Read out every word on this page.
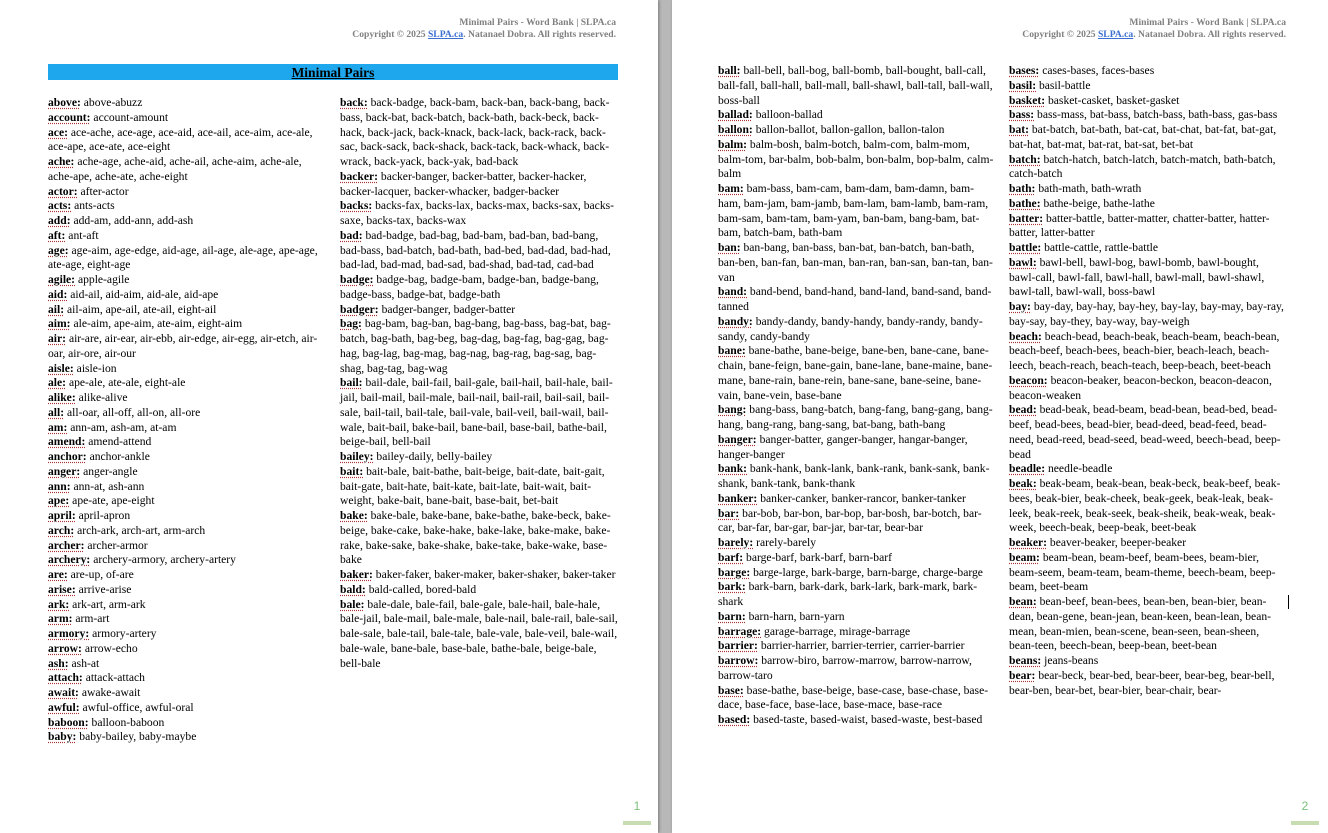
Minimal Pairs - Word Bank | SLPA.ca
Copyright © 2025 SLPA.ca. Natanael Dobra. All rights reserved.
Minimal Pairs
above: above-abuzz
account: account-amount
ace: ace-ache, ace-age, ace-aid, ace-ail, ace-aim, ace-ale, ace-ape, ace-ate, ace-eight
ache: ache-age, ache-aid, ache-ail, ache-aim, ache-ale, ache-ape, ache-ate, ache-eight
actor: after-actor
acts: ants-acts
add: add-am, add-ann, add-ash
aft: ant-aft
age: age-aim, age-edge, aid-age, ail-age, ale-age, ape-age, ate-age, eight-age
agile: apple-agile
aid: aid-ail, aid-aim, aid-ale, aid-ape
ail: ail-aim, ape-ail, ate-ail, eight-ail
aim: ale-aim, ape-aim, ate-aim, eight-aim
air: air-are, air-ear, air-ebb, air-edge, air-egg, air-etch, air-oar, air-ore, air-our
aisle: aisle-ion
ale: ape-ale, ate-ale, eight-ale
alike: alike-alive
all: all-oar, all-off, all-on, all-ore
am: ann-am, ash-am, at-am
amend: amend-attend
anchor: anchor-ankle
anger: anger-angle
ann: ann-at, ash-ann
ape: ape-ate, ape-eight
april: april-apron
arch: arch-ark, arch-art, arm-arch
archer: archer-armor
archery: archery-armory, archery-artery
are: are-up, of-are
arise: arrive-arise
ark: ark-art, arm-ark
arm: arm-art
armory: armory-artery
arrow: arrow-echo
ash: ash-at
attach: attack-attach
await: awake-await
awful: awful-office, awful-oral
baboon: balloon-baboon
baby: baby-bailey, baby-maybe
back: back-badge, back-bam, back-ban, back-bang, back-bass, back-bat, back-batch, back-bath, back-beck, back-hack, back-jack, back-knack, back-lack, back-rack, back-sac, back-sack, back-shack, back-tack, back-whack, back-wrack, back-yack, back-yak, bad-back
backer: backer-banger, backer-batter, backer-hacker, backer-lacquer, backer-whacker, badger-backer
backs: backs-fax, backs-lax, backs-max, backs-sax, backs-saxe, backs-tax, backs-wax
bad: bad-badge, bad-bag, bad-bam, bad-ban, bad-bang, bad-bass, bad-batch, bad-bath, bad-bed, bad-dad, bad-had, bad-lad, bad-mad, bad-sad, bad-shad, bad-tad, cad-bad
badge: badge-bag, badge-bam, badge-ban, badge-bang, badge-bass, badge-bat, badge-bath
badger: badger-banger, badger-batter
bag: bag-bam, bag-ban, bag-bang, bag-bass, bag-bat, bag-batch, bag-bath, bag-beg, bag-dag, bag-fag, bag-gag, bag-hag, bag-lag, bag-mag, bag-nag, bag-rag, bag-sag, bag-shag, bag-tag, bag-wag
bail: bail-dale, bail-fail, bail-gale, bail-hail, bail-hale, bail-jail, bail-mail, bail-male, bail-nail, bail-rail, bail-sail, bail-sale, bail-tail, bail-tale, bail-vale, bail-veil, bail-wail, bail-wale, bait-bail, bake-bail, bane-bail, base-bail, bathe-bail, beige-bail, bell-bail
bailey: bailey-daily, belly-bailey
bait: bait-bale, bait-bathe, bait-beige, bait-date, bait-gait, bait-gate, bait-hate, bait-kate, bait-late, bait-wait, bait-weight, bake-bait, bane-bait, base-bait, bet-bait
bake: bake-bale, bake-bane, bake-bathe, bake-beck, bake-beige, bake-cake, bake-hake, bake-lake, bake-make, bake-rake, bake-sake, bake-shake, bake-take, bake-wake, base-bake
baker: baker-faker, baker-maker, baker-shaker, baker-taker
bald: bald-called, bored-bald
bale: bale-dale, bale-fail, bale-gale, bale-hail, bale-hale, bale-jail, bale-mail, bale-male, bale-nail, bale-rail, bale-sail, bale-sale, bale-tail, bale-tale, bale-vale, bale-veil, bale-wail, bale-wale, bane-bale, base-bale, bathe-bale, beige-bale, bell-bale
1
Minimal Pairs - Word Bank | SLPA.ca
Copyright © 2025 SLPA.ca. Natanael Dobra. All rights reserved.
ball: ball-bell, ball-bog, ball-bomb, ball-bought, ball-call, ball-fall, ball-hall, ball-mall, ball-shawl, ball-tall, ball-wall, boss-ball
ballad: balloon-ballad
ballon: ballon-ballot, ballon-gallon, ballon-talon
balm: balm-bosh, balm-botch, balm-com, balm-mom, balm-tom, bar-balm, bob-balm, bon-balm, bop-balm, calm-balm
bam: bam-bass, bam-cam, bam-dam, bam-damn, bam-ham, bam-jam, bam-jamb, bam-lam, bam-lamb, bam-ram, bam-sam, bam-tam, bam-yam, ban-bam, bang-bam, bat-bam, batch-bam, bath-bam
ban: ban-bang, ban-bass, ban-bat, ban-batch, ban-bath, ban-ben, ban-fan, ban-man, ban-ran, ban-san, ban-tan, ban-van
band: band-bend, band-hand, band-land, band-sand, band-tanned
bandy: bandy-dandy, bandy-handy, bandy-randy, bandy-sandy, candy-bandy
bane: bane-bathe, bane-beige, bane-ben, bane-cane, bane-chain, bane-feign, bane-gain, bane-lane, bane-maine, bane-mane, bane-rain, bane-rein, bane-sane, bane-seine, bane-vain, bane-vein, base-bane
bang: bang-bass, bang-batch, bang-fang, bang-gang, bang-hang, bang-rang, bang-sang, bat-bang, bath-bang
banger: banger-batter, ganger-banger, hangar-banger, hanger-banger
bank: bank-hank, bank-lank, bank-rank, bank-sank, bank-shank, bank-tank, bank-thank
banker: banker-canker, banker-rancor, banker-tanker
bar: bar-bob, bar-bon, bar-bop, bar-bosh, bar-botch, bar-car, bar-far, bar-gar, bar-jar, bar-tar, bear-bar
barely: rarely-barely
barf: barge-barf, bark-barf, barn-barf
barge: barge-large, bark-barge, barn-barge, charge-barge
bark: bark-barn, bark-dark, bark-lark, bark-mark, bark-shark
barn: barn-harn, barn-yarn
barrage: garage-barrage, mirage-barrage
barrier: barrier-harrier, barrier-terrier, carrier-barrier
barrow: barrow-biro, barrow-marrow, barrow-narrow, barrow-taro
base: base-bathe, base-beige, base-case, base-chase, base-dace, base-face, base-lace, base-mace, base-race
based: based-taste, based-waist, based-waste, best-based
bases: cases-bases, faces-bases
basil: basil-battle
basket: basket-casket, basket-gasket
bass: bass-mass, bat-bass, batch-bass, bath-bass, gas-bass
bat: bat-batch, bat-bath, bat-cat, bat-chat, bat-fat, bat-gat, bat-hat, bat-mat, bat-rat, bat-sat, bet-bat
batch: batch-hatch, batch-latch, batch-match, bath-batch, catch-batch
bath: bath-math, bath-wrath
bathe: bathe-beige, bathe-lathe
batter: batter-battle, batter-matter, chatter-batter, hatter-batter, latter-batter
battle: battle-cattle, rattle-battle
bawl: bawl-bell, bawl-bog, bawl-bomb, bawl-bought, bawl-call, bawl-fall, bawl-hall, bawl-mall, bawl-shawl, bawl-tall, bawl-wall, boss-bawl
bay: bay-day, bay-hay, bay-hey, bay-lay, bay-may, bay-ray, bay-say, bay-they, bay-way, bay-weigh
beach: beach-bead, beach-beak, beach-beam, beach-bean, beach-beef, beach-bees, beach-bier, beach-leach, beach-leech, beach-reach, beach-teach, beep-beach, beet-beach
beacon: beacon-beaker, beacon-beckon, beacon-deacon, beacon-weaken
bead: bead-beak, bead-beam, bead-bean, bead-bed, bead-beef, bead-bees, bead-bier, bead-deed, bead-feed, bead-need, bead-reed, bead-seed, bead-weed, beech-bead, beep-bead
beadle: needle-beadle
beak: beak-beam, beak-bean, beak-beck, beak-beef, beak-bees, beak-bier, beak-cheek, beak-geek, beak-leak, beak-leek, beak-reek, beak-seek, beak-sheik, beak-weak, beak-week, beech-beak, beep-beak, beet-beak
beaker: beaver-beaker, beeper-beaker
beam: beam-bean, beam-beef, beam-bees, beam-bier, beam-seem, beam-team, beam-theme, beech-beam, beep-beam, beet-beam
bean: bean-beef, bean-bees, bean-ben, bean-bier, bean-dean, bean-gene, bean-jean, bean-keen, bean-lean, bean-mean, bean-mien, bean-scene, bean-seen, bean-sheen, bean-teen, beech-bean, beep-bean, beet-bean
beans: jeans-beans
bear: bear-beck, bear-bed, bear-beer, bear-beg, bear-bell, bear-ben, bear-bet, bear-bier, bear-chair, bear-
2
